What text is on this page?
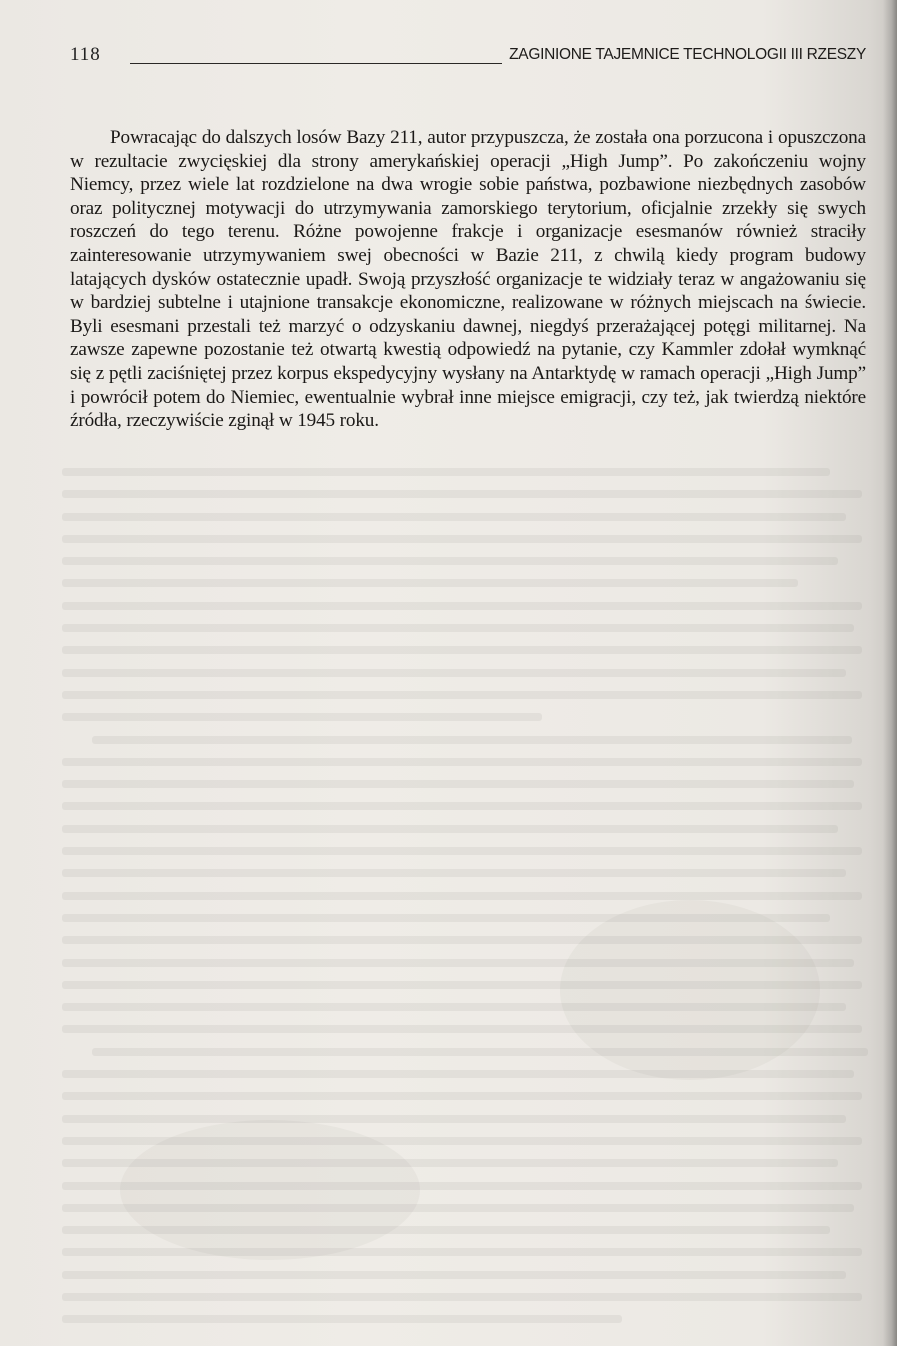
118	ZAGINIONE TAJEMNICE TECHNOLOGII III RZESZY

Powracając do dalszych losów Bazy 211, autor przypuszcza, że została ona porzucona i opuszczona w rezultacie zwycięskiej dla strony amerykańskiej operacji „High Jump”. Po zakończeniu wojny Niemcy, przez wiele lat rozdzielone na dwa wrogie sobie państwa, pozbawione niezbędnych zasobów oraz politycznej motywacji do utrzymywania zamorskiego terytorium, oficjalnie zrzekły się swych roszczeń do tego terenu. Różne powojenne frakcje i organizacje esesmanów również straciły zainteresowanie utrzymywaniem swej obecności w Bazie 211, z chwilą kiedy program budowy latających dysków ostatecznie upadł. Swoją przyszłość organizacje te widziały teraz w angażowaniu się w bardziej subtelne i utajnione transakcje ekonomiczne, realizowane w różnych miejscach na świecie. Byli esesmani przestali też marzyć o odzyskaniu dawnej, niegdyś przerażającej potęgi militarnej. Na zawsze zapewne pozostanie też otwartą kwestią odpowiedź na pytanie, czy Kammler zdołał wymknąć się z pętli zaciśniętej przez korpus ekspedycyjny wysłany na Antarktydę w ramach operacji „High Jump” i powrócił potem do Niemiec, ewentualnie wybrał inne miejsce emigracji, czy też, jak twierdzą niektóre źródła, rzeczywiście zginął w 1945 roku.
